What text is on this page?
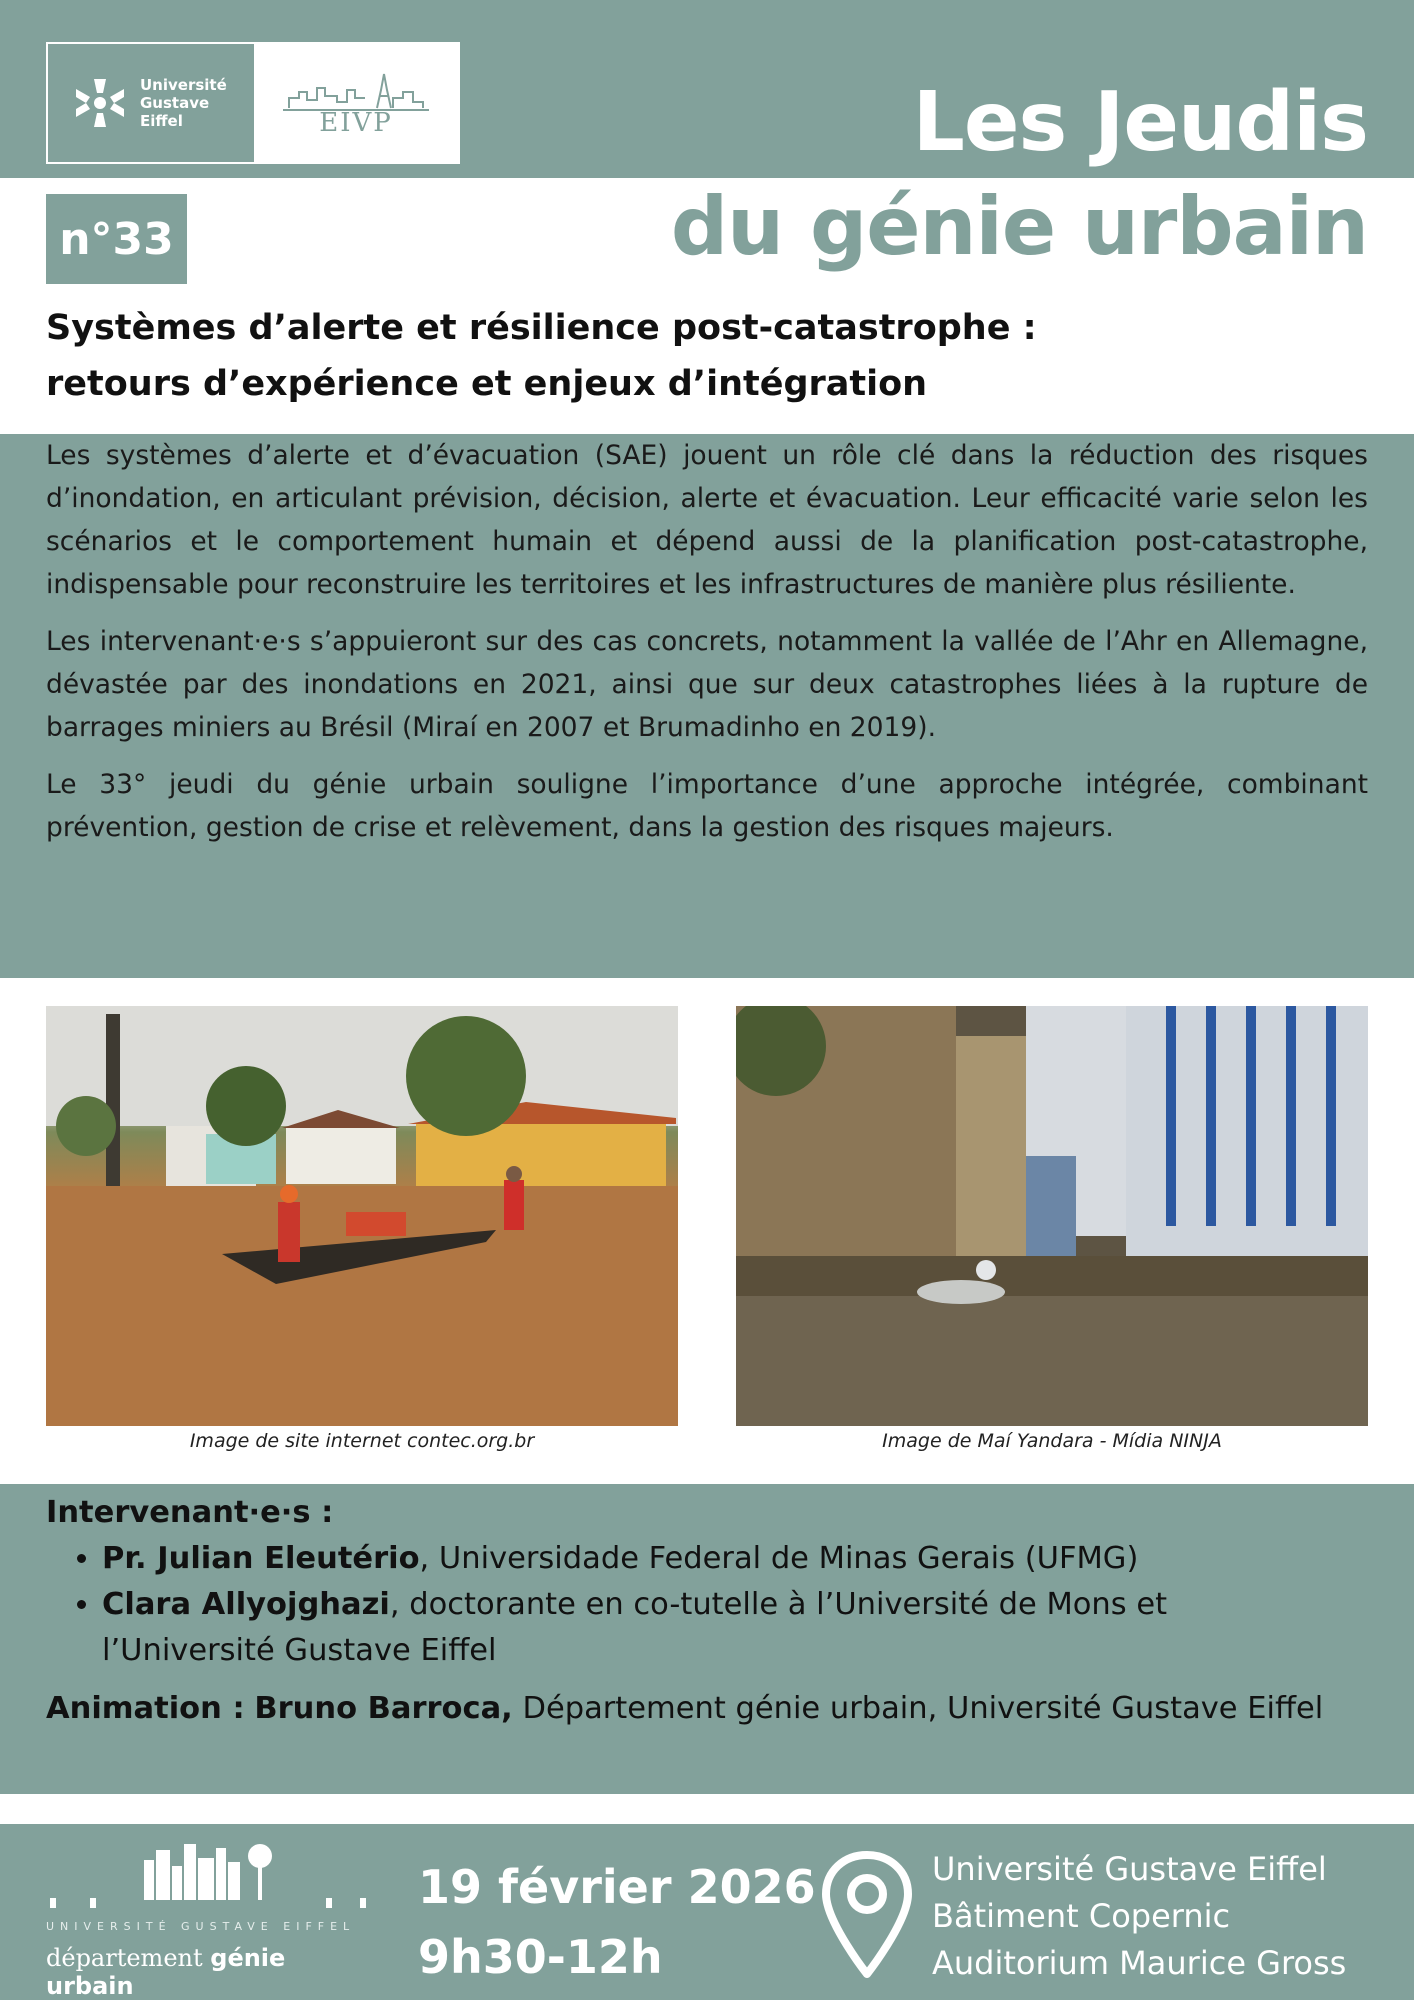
Université
Gustave
Eiffel	EIVP	Les Jeudis
du génie urbain
n°33
Systèmes d’alerte et résilience post-catastrophe :
retours d’expérience et enjeux d’intégration

Les systèmes d’alerte et d’évacuation (SAE) jouent un rôle clé dans la réduction des risques d’inondation, en articulant prévision, décision, alerte et évacuation. Leur efficacité varie selon les scénarios et le comportement humain et dépend aussi de la planification post-catastrophe, indispensable pour reconstruire les territoires et les infrastructures de manière plus résiliente.

Les intervenant·e·s s’appuieront sur des cas concrets, notamment la vallée de l’Ahr en Allemagne, dévastée par des inondations en 2021, ainsi que sur deux catastrophes liées à la rupture de barrages miniers au Brésil (Miraí en 2007 et Brumadinho en 2019).

Le 33° jeudi du génie urbain souligne l’importance d’une approche intégrée, combinant prévention, gestion de crise et relèvement, dans la gestion des risques majeurs.

Image de site internet contec.org.br	Image de Maí Yandara - Mídia NINJA
Intervenant·e·s :
• Pr. Julian Eleutério, Universidade Federal de Minas Gerais (UFMG)
• Clara Allyojghazi, doctorante en co-tutelle à l’Université de Mons et l’Université Gustave Eiffel
Animation : Bruno Barroca, Département génie urbain, Université Gustave Eiffel
UNIVERSITÉ GUSTAVE EIFFEL
département génie urbain
19 février 2026
9h30-12h
Université Gustave Eiffel
Bâtiment Copernic
Auditorium Maurice Gross
